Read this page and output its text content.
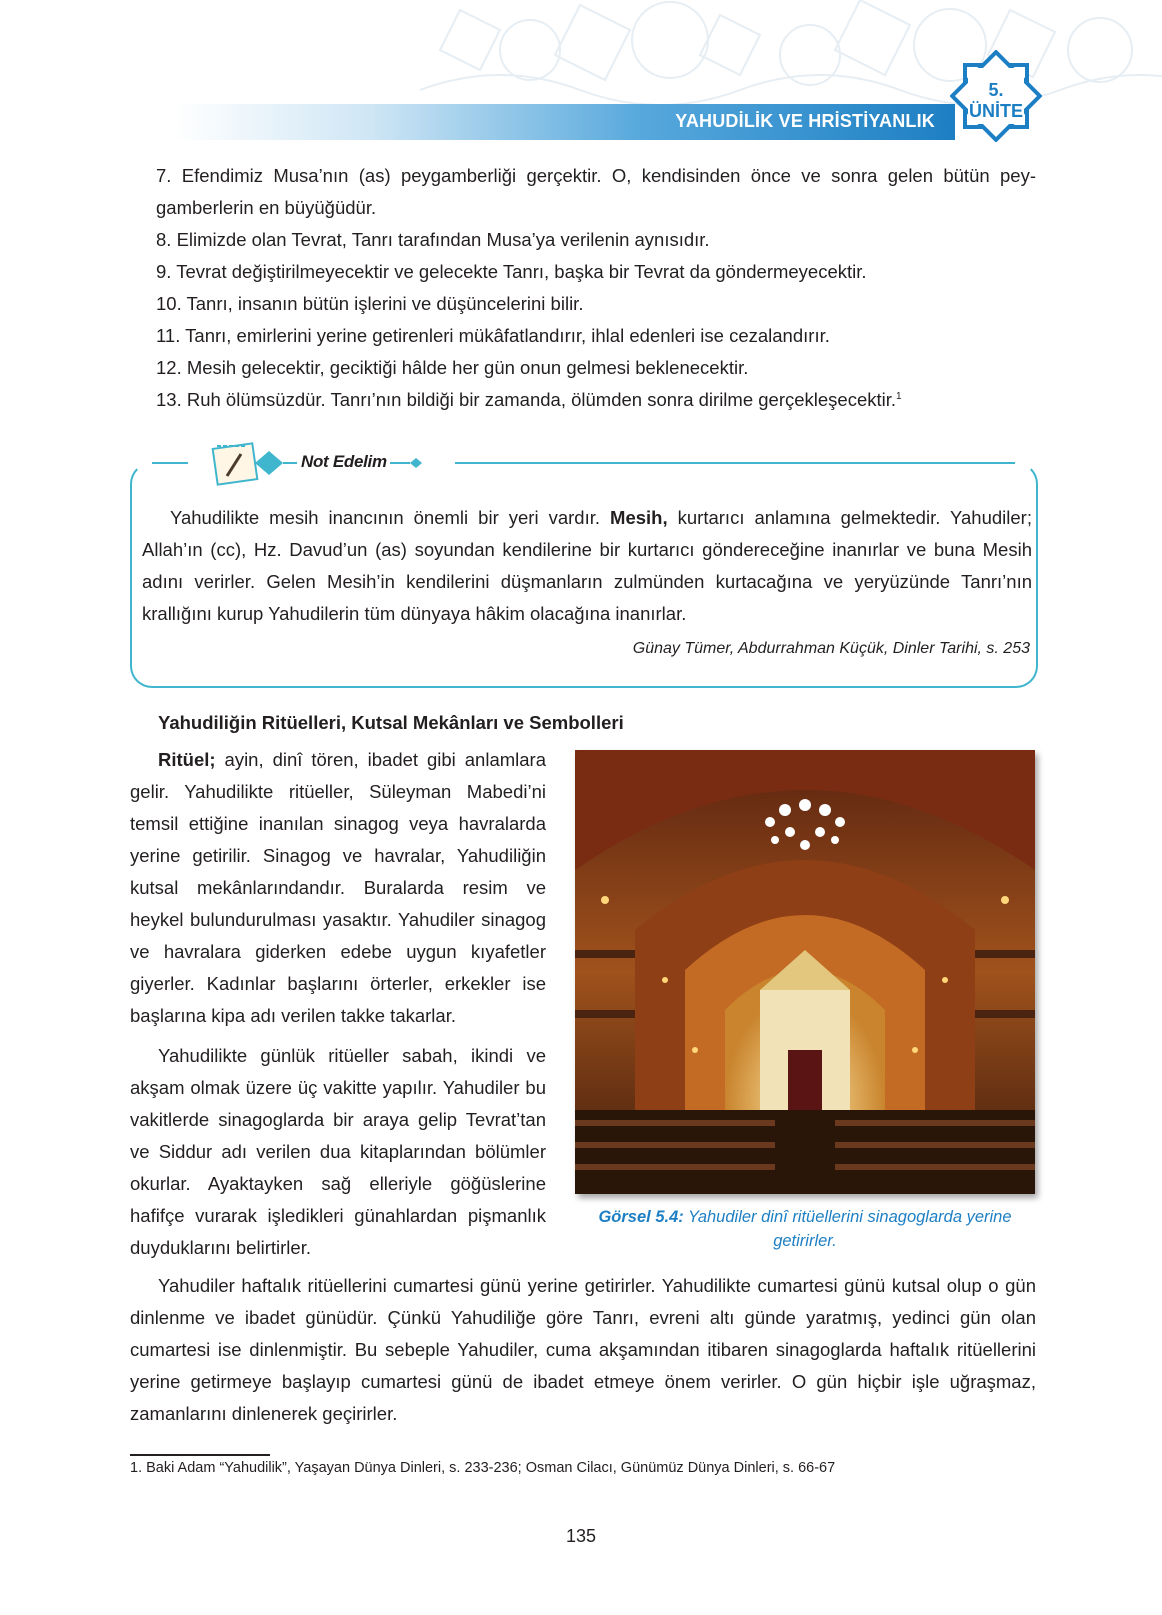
YAHUDİLİK VE HRİSTİYANLIK
5.
ÜNİTE

7. Efendimiz Musa’nın (as) peygamberliği gerçektir. O, kendisinden önce ve sonra gelen bütün peygamberlerin en büyüğüdür.

8. Elimizde olan Tevrat, Tanrı tarafından Musa’ya verilenin aynısıdır.

9. Tevrat değiştirilmeyecektir ve gelecekte Tanrı, başka bir Tevrat da göndermeyecektir.

10. Tanrı, insanın bütün işlerini ve düşüncelerini bilir.

11. Tanrı, emirlerini yerine getirenleri mükâfatlandırır, ihlal edenleri ise cezalandırır.

12. Mesih gelecektir, geciktiği hâlde her gün onun gelmesi beklenecektir.

13. Ruh ölümsüzdür. Tanrı’nın bildiği bir zamanda, ölümden sonra dirilme gerçekleşecektir.$^1$

Not Edelim

Yahudilikte mesih inancının önemli bir yeri vardır. Mesih, kurtarıcı anlamına gelmektedir. Yahudiler; Allah’ın (cc), Hz. Davud’un (as) soyundan kendilerine bir kurtarıcı göndereceğine inanırlar ve buna Mesih adını verirler. Gelen Mesih’in kendilerini düşmanların zulmünden kurtacağına ve yeryüzünde Tanrı’nın krallığını kurup Yahudilerin tüm dünyaya hâkim olacağına inanırlar.

Günay Tümer, Abdurrahman Küçük, Dinler Tarihi, s. 253
Yahudiliğin Ritüelleri, Kutsal Mekânları ve Sembolleri

Ritüel; ayin, dinî tören, ibadet gibi anlamlara gelir. Yahudilikte ritüeller, Süleyman Mabedi’ni temsil ettiğine inanılan sinagog veya havralarda yerine getirilir. Sinagog ve havralar, Yahudiliğin kutsal mekânlarındandır. Buralarda resim ve heykel bulundurulması yasaktır. Yahudiler sinagog ve havralara giderken edebe uygun kıyafetler giyerler. Kadınlar başlarını örterler, erkekler ise başlarına kipa adı verilen takke takarlar.

Yahudilikte günlük ritüeller sabah, ikindi ve akşam olmak üzere üç vakitte yapılır. Yahudiler bu vakitlerde sinagoglarda bir araya gelip Tevrat’tan ve Siddur adı verilen dua kitaplarından bölümler okurlar. Ayaktayken sağ elleriyle göğüslerine hafifçe vurarak işledikleri günahlardan pişmanlık duyduklarını belirtirler.

Görsel 5.4: Yahudiler dinî ritüellerini sinagoglarda yerine getirirler.

Yahudiler haftalık ritüellerini cumartesi günü yerine getirirler. Yahudilikte cumartesi günü kutsal olup o gün dinlenme ve ibadet günüdür. Çünkü Yahudiliğe göre Tanrı, evreni altı günde yaratmış, yedinci gün olan cumartesi ise dinlenmiştir. Bu sebeple Yahudiler, cuma akşamından itibaren sinagoglarda haftalık ritüellerini yerine getirmeye başlayıp cumartesi günü de ibadet etmeye önem verirler. O gün hiçbir işle uğraşmaz, zamanlarını dinlenerek geçirirler.

1. Baki Adam “Yahudilik”, Yaşayan Dünya Dinleri, s. 233-236; Osman Cilacı, Günümüz Dünya Dinleri, s. 66-67
135
